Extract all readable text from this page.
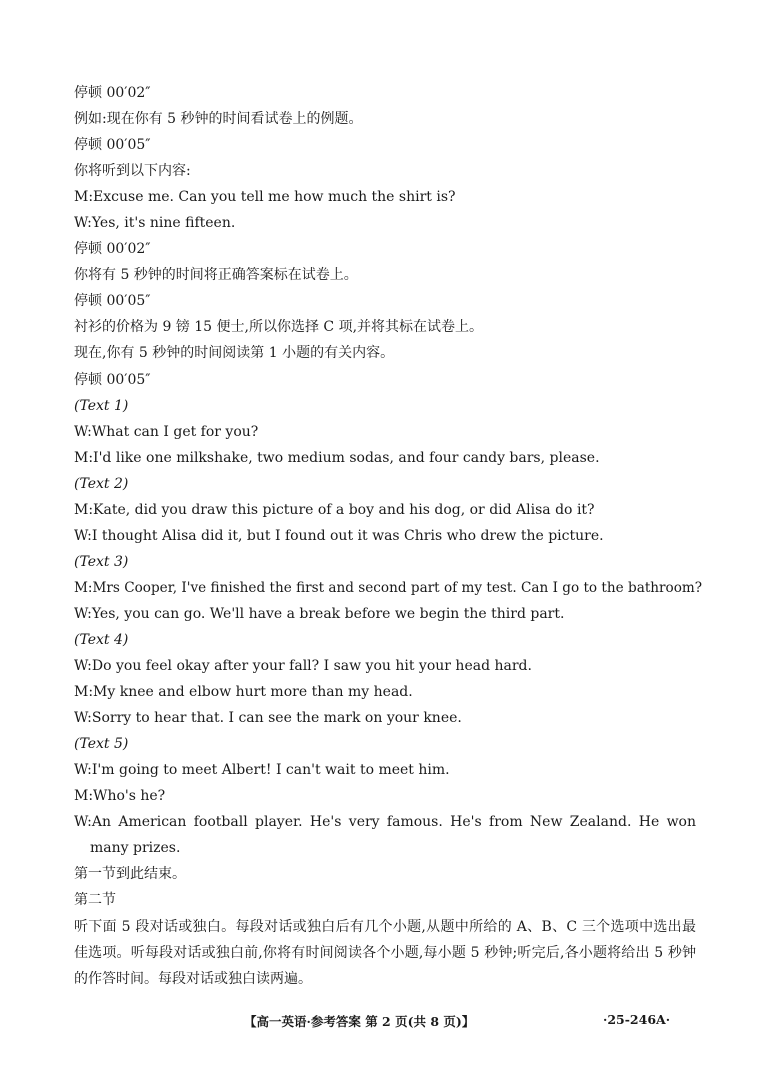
停顿 00′02″
例如:现在你有 5 秒钟的时间看试卷上的例题。
停顿 00′05″
你将听到以下内容:
M:Excuse me. Can you tell me how much the shirt is?
W:Yes, it's nine fifteen.
停顿 00′02″
你将有 5 秒钟的时间将正确答案标在试卷上。
停顿 00′05″
衬衫的价格为 9 镑 15 便士,所以你选择 C 项,并将其标在试卷上。
现在,你有 5 秒钟的时间阅读第 1 小题的有关内容。
停顿 00′05″
(Text 1)
W:What can I get for you?
M:I'd like one milkshake, two medium sodas, and four candy bars, please.
(Text 2)
M:Kate, did you draw this picture of a boy and his dog, or did Alisa do it?
W:I thought Alisa did it, but I found out it was Chris who drew the picture.
(Text 3)
M:Mrs Cooper, I've finished the first and second part of my test. Can I go to the bathroom?
W:Yes, you can go. We'll have a break before we begin the third part.
(Text 4)
W:Do you feel okay after your fall? I saw you hit your head hard.
M:My knee and elbow hurt more than my head.
W:Sorry to hear that. I can see the mark on your knee.
(Text 5)
W:I'm going to meet Albert! I can't wait to meet him.
M:Who's he?
W:An American football player. He's very famous. He's from New Zealand. He won many prizes.
第一节到此结束。
第二节
听下面 5 段对话或独白。每段对话或独白后有几个小题,从题中所给的 A、B、C 三个选项中选出最佳选项。听每段对话或独白前,你将有时间阅读各个小题,每小题 5 秒钟;听完后,各小题将给出 5 秒钟的作答时间。每段对话或独白读两遍。
【高一英语·参考答案 第 2 页(共 8 页)】	·25-246A·
